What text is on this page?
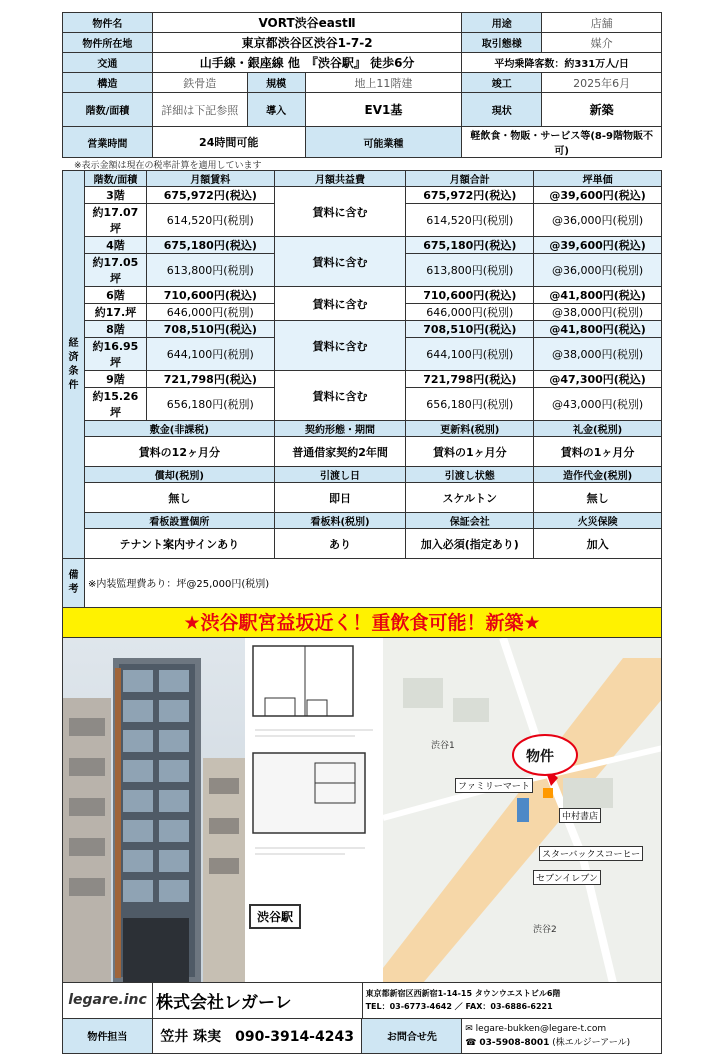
物件名	VORT渋谷eastⅡ			用途	店舗
物件所在地	東京都渋谷区渋谷1-7-2			取引態様	媒介
交通	山手線・銀座線 他　 『渋谷駅』 徒歩6分			平均乗降客数：約331万人/日	
構造	鉄骨造	規模	地上11階建	竣工	2025年6月
階数/面積	詳細は下記参照	導入	EV1基	現状	新築
営業時間	24時間可能		可能業種	軽飲食・物販・サービス等(8-9階物販不可)	
※表示金額は現在の税率計算を適用しています
経 済 条 件	階数/面積	月額賃料	月額共益費	月額合計	坪単価
	3階	675,972円(税込)	賃料に含む	675,972円(税込)	@39,600円(税込)
	約17.07坪	614,520円(税別)		614,520円(税別)	@36,000円(税別)
	4階	675,180円(税込)	賃料に含む	675,180円(税込)	@39,600円(税込)
	約17.05坪	613,800円(税別)		613,800円(税別)	@36,000円(税別)
	6階	710,600円(税込)	賃料に含む	710,600円(税込)	@41,800円(税込)
	約17.坪	646,000円(税別)		646,000円(税別)	@38,000円(税別)
	8階	708,510円(税込)	賃料に含む	708,510円(税込)	@41,800円(税込)
	約16.95坪	644,100円(税別)		644,100円(税別)	@38,000円(税別)
	9階	721,798円(税込)	賃料に含む	721,798円(税込)	@47,300円(税込)
	約15.26坪	656,180円(税別)		656,180円(税別)	@43,000円(税別)
	敷金(非課税)		契約形態・期間	更新料(税別)	礼金(税別)
	賃料の12ヶ月分		普通借家契約2年間	賃料の1ヶ月分	賃料の1ヶ月分
	償却(税別)		引渡し日	引渡し状態	造作代金(税別)
	無し		即日	スケルトン	無し
	看板設置個所		看板料(税別)	保証会社	火災保険
	テナント案内サインあり		あり	加入必須(指定あり)	加入
備 考	※内装監理費あり：坪@25,000円(税別)
★渋谷駅宮益坂近く！重飲食可能！新築★
物件
ファミリーマート
中村書店
スターバックスコーヒー
セブンイレブン
渋谷1
渋谷2
渋谷駅
legare.inc	株式会社レガーレ	東京都新宿区西新宿1-14-15 タウンウエストビル6階
TEL：03-6773-4642 ／ FAX：03-6886-6221
物件担当	笠井 珠実　090-3914-4243	お問合せ先	
✉ legare-bukken@legare-t.com
☎ 03-5908-8001 (株エルジーアール)
